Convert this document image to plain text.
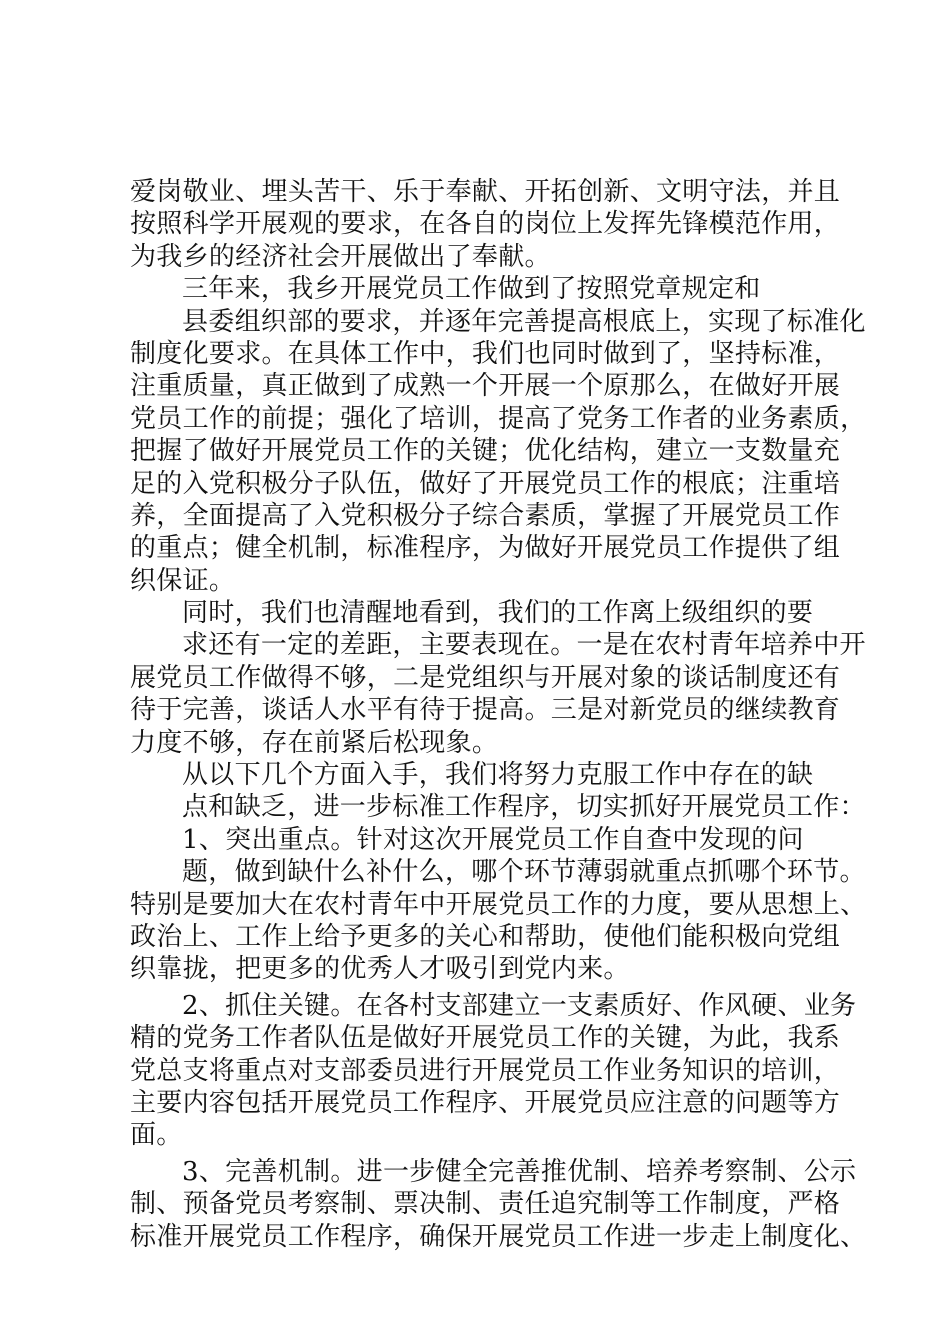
爱岗敬业、埋头苦干、乐于奉献、开拓创新、文明守法，并且
按照科学开展观的要求，在各自的岗位上发挥先锋模范作用，
为我乡的经济社会开展做出了奉献。
三年来，我乡开展党员工作做到了按照党章规定和
县委组织部的要求，并逐年完善提高根底上，实现了标准化
制度化要求。在具体工作中，我们也同时做到了，坚持标准，
注重质量，真正做到了成熟一个开展一个原那么，在做好开展
党员工作的前提；强化了培训，提高了党务工作者的业务素质，
把握了做好开展党员工作的关键；优化结构，建立一支数量充
足的入党积极分子队伍，做好了开展党员工作的根底；注重培
养，全面提高了入党积极分子综合素质，掌握了开展党员工作
的重点；健全机制，标准程序，为做好开展党员工作提供了组
织保证。
同时，我们也清醒地看到，我们的工作离上级组织的要
求还有一定的差距，主要表现在。一是在农村青年培养中开
展党员工作做得不够，二是党组织与开展对象的谈话制度还有
待于完善，谈话人水平有待于提高。三是对新党员的继续教育
力度不够，存在前紧后松现象。
从以下几个方面入手，我们将努力克服工作中存在的缺
点和缺乏，进一步标准工作程序，切实抓好开展党员工作：
1、突出重点。针对这次开展党员工作自查中发现的问
题，做到缺什么补什么，哪个环节薄弱就重点抓哪个环节。
特别是要加大在农村青年中开展党员工作的力度，要从思想上、
政治上、工作上给予更多的关心和帮助，使他们能积极向党组
织靠拢，把更多的优秀人才吸引到党内来。
2、抓住关键。在各村支部建立一支素质好、作风硬、业务
精的党务工作者队伍是做好开展党员工作的关键，为此，我系
党总支将重点对支部委员进行开展党员工作业务知识的培训，
主要内容包括开展党员工作程序、开展党员应注意的问题等方
面。
3、完善机制。进一步健全完善推优制、培养考察制、公示
制、预备党员考察制、票决制、责任追究制等工作制度，严格
标准开展党员工作程序，确保开展党员工作进一步走上制度化、
